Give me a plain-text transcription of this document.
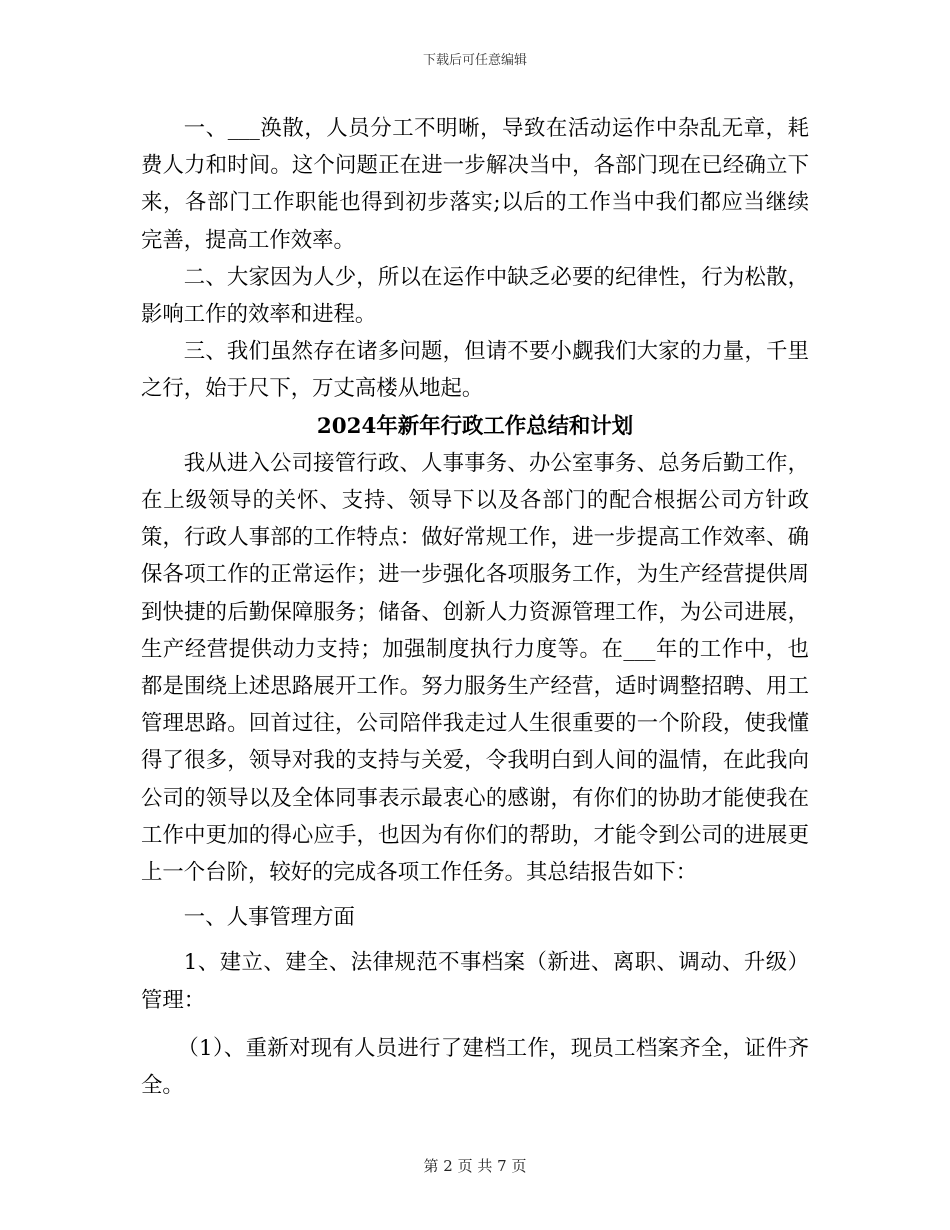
下载后可任意编辑

一、___涣散，人员分工不明晰，导致在活动运作中杂乱无章，耗费人力和时间。这个问题正在进一步解决当中，各部门现在已经确立下来，各部门工作职能也得到初步落实;以后的工作当中我们都应当继续完善，提高工作效率。

二、大家因为人少，所以在运作中缺乏必要的纪律性，行为松散，影响工作的效率和进程。

三、我们虽然存在诸多问题，但请不要小觑我们大家的力量，千里之行，始于尺下，万丈高楼从地起。

2024年新年行政工作总结和计划

我从进入公司接管行政、人事事务、办公室事务、总务后勤工作，在上级领导的关怀、支持、领导下以及各部门的配合根据公司方针政策，行政人事部的工作特点：做好常规工作，进一步提高工作效率、确保各项工作的正常运作；进一步强化各项服务工作，为生产经营提供周到快捷的后勤保障服务；储备、创新人力资源管理工作，为公司进展，生产经营提供动力支持；加强制度执行力度等。在___年的工作中，也都是围绕上述思路展开工作。努力服务生产经营，适时调整招聘、用工管理思路。回首过往，公司陪伴我走过人生很重要的一个阶段，使我懂得了很多，领导对我的支持与关爱，令我明白到人间的温情，在此我向公司的领导以及全体同事表示最衷心的感谢，有你们的协助才能使我在工作中更加的得心应手，也因为有你们的帮助，才能令到公司的进展更上一个台阶，较好的完成各项工作任务。其总结报告如下：

一、人事管理方面

1、建立、建全、法律规范不事档案（新进、离职、调动、升级）管理：

（1）、重新对现有人员进行了建档工作，现员工档案齐全，证件齐全。

第 2 页 共 7 页
